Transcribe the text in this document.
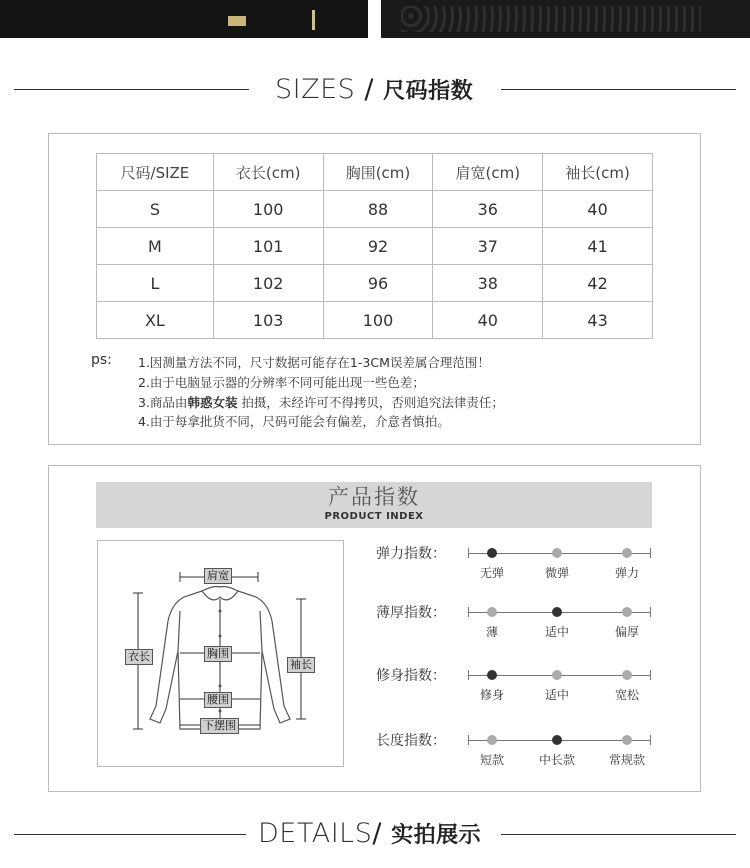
SIZES / 尺码指数
尺码/SIZE	衣长(cm)	胸围(cm)	肩宽(cm)	袖长(cm)
S	100	88	36	40
M	101	92	37	41
L	102	96	38	42
XL	103	100	40	43
ps: 1.因测量方法不同，尺寸数据可能存在1-3CM误差属合理范围！
2.由于电脑显示器的分辨率不同可能出现一些色差；
3.商品由韩惑女装 拍摄，未经许可不得拷贝，否则追究法律责任；
4.由于每拿批货不同，尺码可能会有偏差，介意者慎拍。
产品指数
PRODUCT INDEX
肩宽
衣长	胸围
袖长
腰围
下摆围
弹力指数：
无弹	微弹	弹力
薄厚指数：
薄	适中	偏厚
修身指数：
修身	适中	宽松
长度指数：
短款	中长款	常规款
DETAILS/ 实拍展示
